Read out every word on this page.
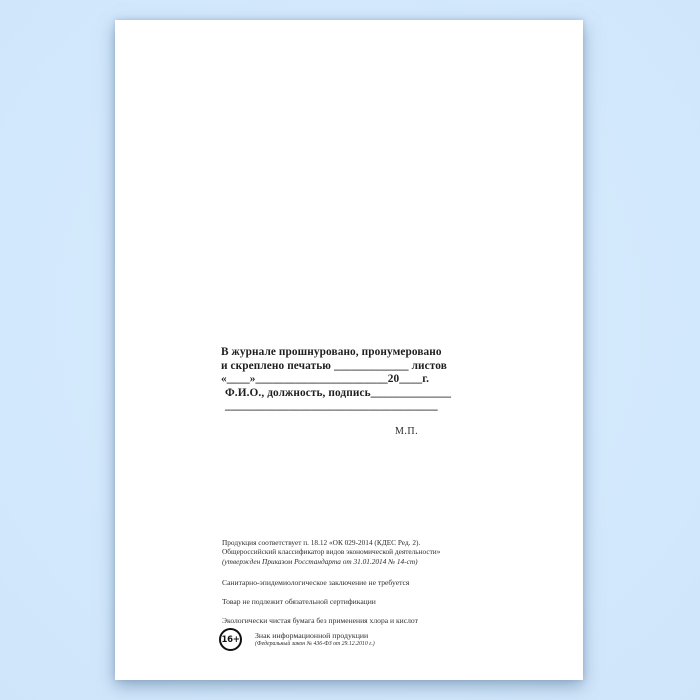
В журнале прошнуровано, пронумеровано
и скреплено печатью _____________ листов
«____»_______________________20____г.
Ф.И.О., должность, подпись______________
_____________________________________
М.П.
Продукция соответствует п. 18.12 «ОК 029-2014 (КДЕС Ред. 2).
Общероссийский классификатор видов экономической деятельности»
(утвержден Приказом Росстандарта от 31.01.2014 № 14-ст)
Санитарно-эпидемиологическое заключение не требуется
Товар не подлежит обязательной сертификации
Экологически чистая бумага без применения хлора и кислот
16+	Знак информационной продукции
(Федеральный закон № 436-ФЗ от 29.12.2010 г.)
